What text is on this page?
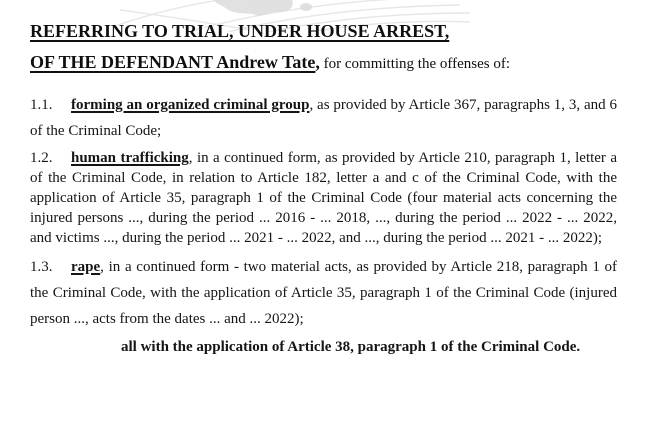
REFERRING TO TRIAL, UNDER HOUSE ARREST,
OF THE DEFENDANT Andrew Tate, for committing the offenses of:

1.1. forming an organized criminal group, as provided by Article 367, paragraphs 1, 3, and 6 of the Criminal Code;

1.2. human trafficking, in a continued form, as provided by Article 210, paragraph 1, letter a of the Criminal Code, in relation to Article 182, letter a and c of the Criminal Code, with the application of Article 35, paragraph 1 of the Criminal Code (four material acts concerning the injured persons ..., during the period ... 2016 - ... 2018, ..., during the period ... 2022 - ... 2022, and victims ..., during the period ... 2021 - ... 2022, and ..., during the period ... 2021 - ... 2022);

1.3. rape, in a continued form - two material acts, as provided by Article 218, paragraph 1 of the Criminal Code, with the application of Article 35, paragraph 1 of the Criminal Code (injured person ..., acts from the dates ... and ... 2022);

all with the application of Article 38, paragraph 1 of the Criminal Code.
